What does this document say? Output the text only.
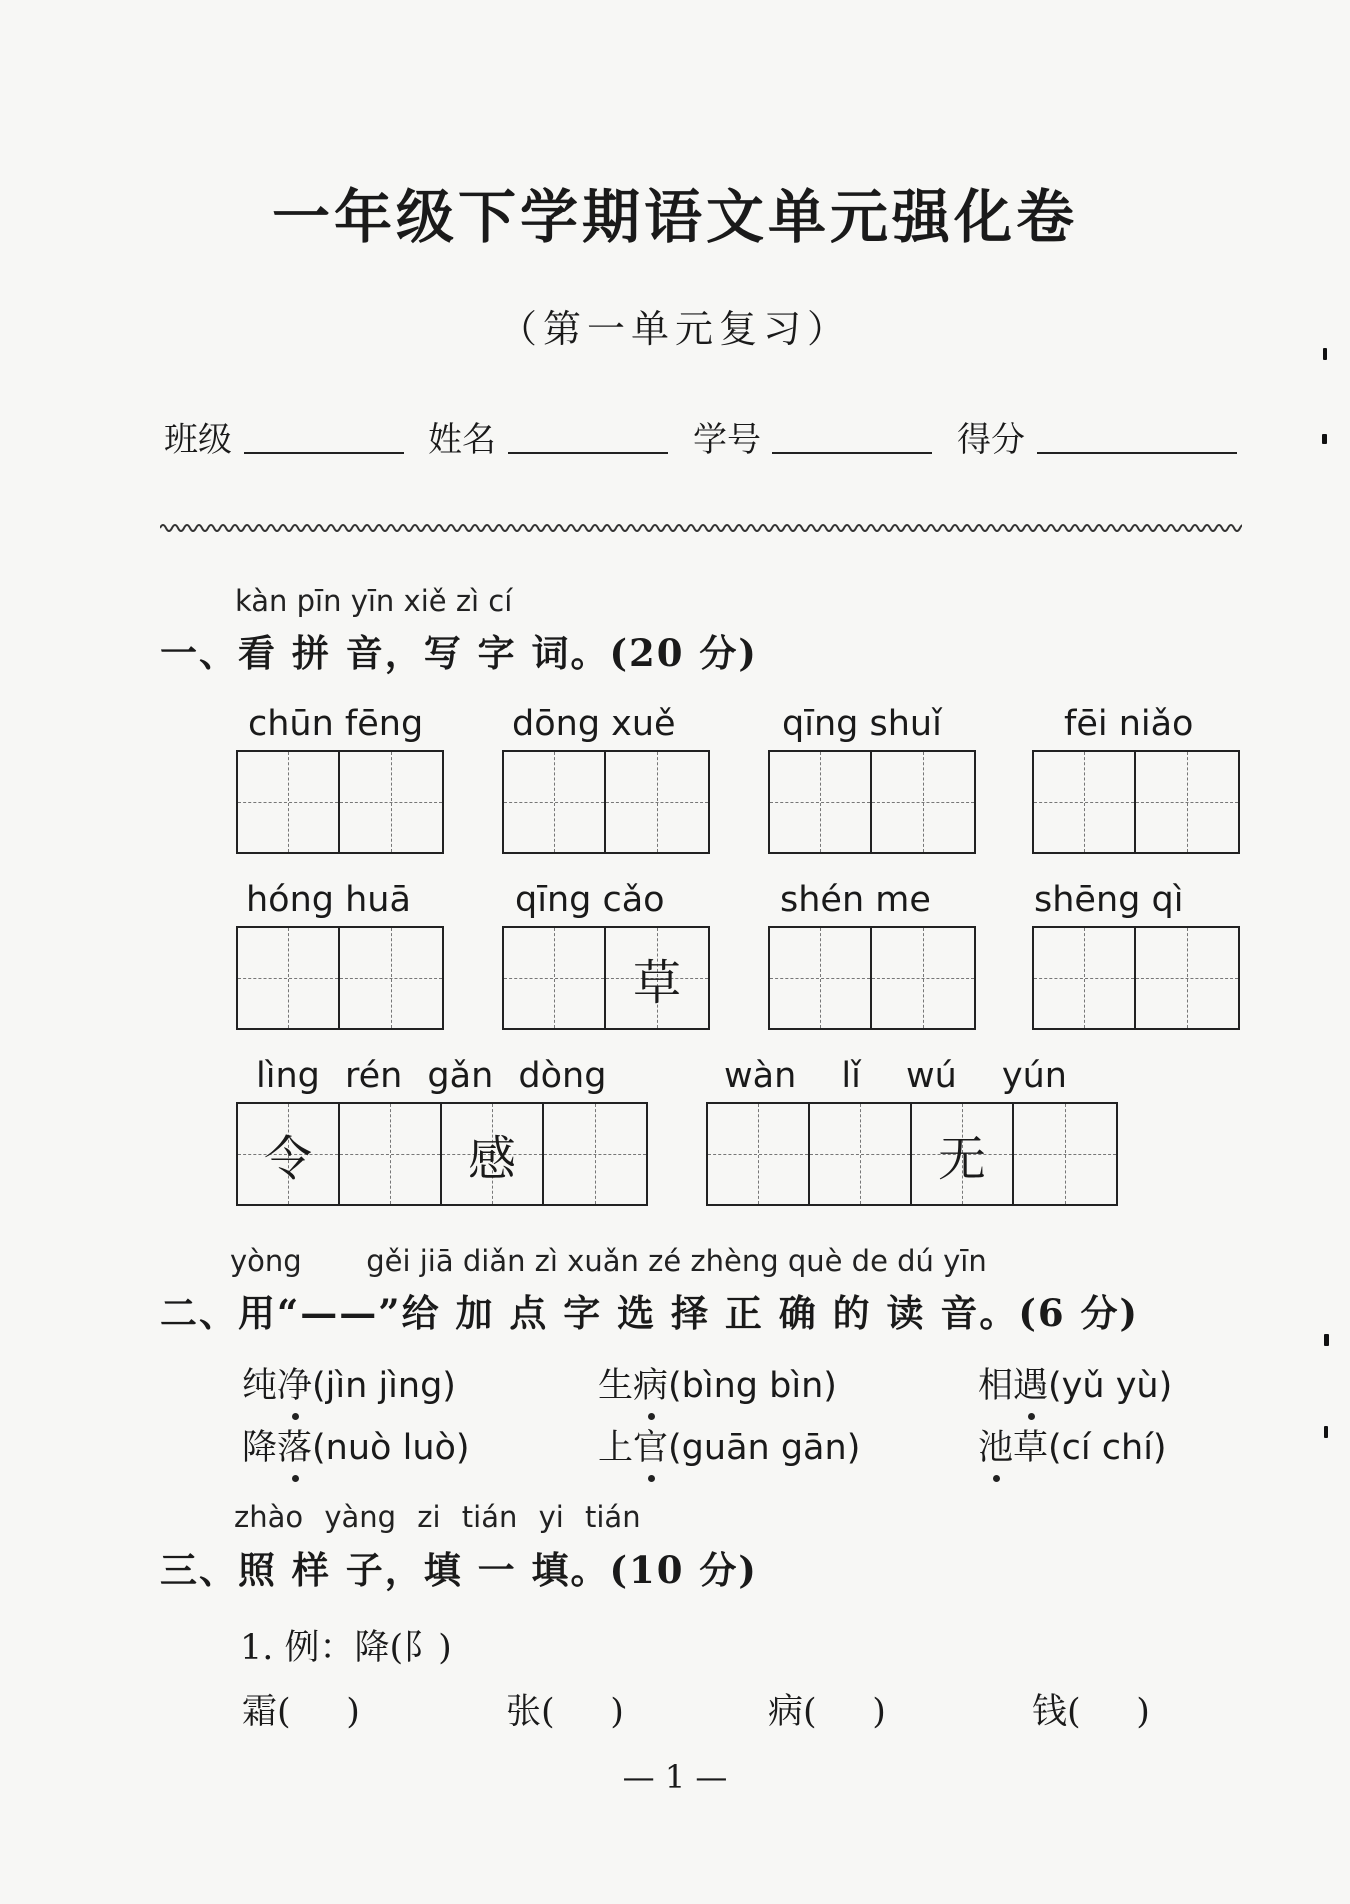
一年级下学期语文单元强化卷
（第一单元复习）
班级	姓名	学号	得分
kàn pīn yīn xiě zì cí
一、看 拼 音，写 字 词。(20 分)
chūn fēng	dōng xuě	qīng shuǐ	fēi niǎo
hóng huā	qīng cǎo	shén me	shēng qì
草
lìng rén gǎn dòng	wàn lǐ wú yún
令	感	无
yòng       gěi jiā diǎn zì xuǎn zé zhèng què de dú yīn
二、用“——”给 加 点 字 选 择 正 确 的 读 音。(6 分)
纯净(jìn jìng)	生病(bìng bìn)	相遇(yǔ yù)
降落(nuò luò)	上官(guān gān)	池草(cí chí)
zhào yàng zi tián yi tián
三、照 样 子，填 一 填。(10 分)
1. 例：降(阝)
霜(     )	张(     )	病(     )	钱(     )
— 1 —
